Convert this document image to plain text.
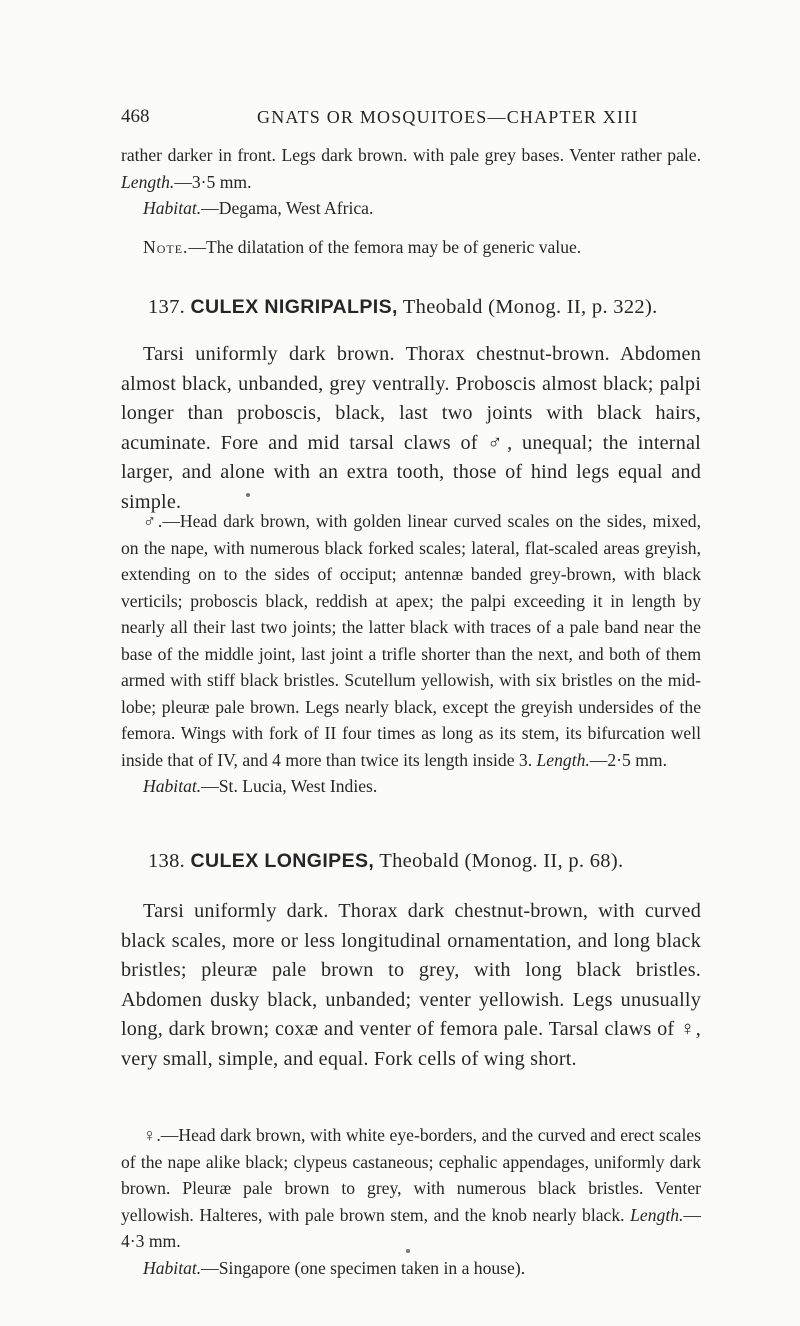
468	GNATS OR MOSQUITOES—CHAPTER XIII

rather darker in front. Legs dark brown. with pale grey bases. Venter rather pale. Length.—3·5 mm.

Habitat.—Degama, West Africa.

Note.—The dilatation of the femora may be of generic value.

137. CULEX NIGRIPALPIS, Theobald (Monog. II, p. 322).

Tarsi uniformly dark brown. Thorax chestnut-brown. Abdomen almost black, unbanded, grey ventrally. Proboscis almost black; palpi longer than proboscis, black, last two joints with black hairs, acuminate. Fore and mid tarsal claws of ♂, unequal; the internal larger, and alone with an extra tooth, those of hind legs equal and simple.

♂.—Head dark brown, with golden linear curved scales on the sides, mixed, on the nape, with numerous black forked scales; lateral, flat-scaled areas greyish, extending on to the sides of occiput; antennæ banded grey-brown, with black verticils; proboscis black, reddish at apex; the palpi exceeding it in length by nearly all their last two joints; the latter black with traces of a pale band near the base of the middle joint, last joint a trifle shorter than the next, and both of them armed with stiff black bristles. Scutellum yellowish, with six bristles on the mid-lobe; pleuræ pale brown. Legs nearly black, except the greyish undersides of the femora. Wings with fork of II four times as long as its stem, its bifurcation well inside that of IV, and 4 more than twice its length inside 3. Length.—2·5 mm.

Habitat.—St. Lucia, West Indies.

138. CULEX LONGIPES, Theobald (Monog. II, p. 68).

Tarsi uniformly dark. Thorax dark chestnut-brown, with curved black scales, more or less longitudinal ornamentation, and long black bristles; pleuræ pale brown to grey, with long black bristles. Abdomen dusky black, unbanded; venter yellowish. Legs unusually long, dark brown; coxæ and venter of femora pale. Tarsal claws of ♀, very small, simple, and equal. Fork cells of wing short.

♀.—Head dark brown, with white eye-borders, and the curved and erect scales of the nape alike black; clypeus castaneous; cephalic appendages, uniformly dark brown. Pleuræ pale brown to grey, with numerous black bristles. Venter yellowish. Halteres, with pale brown stem, and the knob nearly black. Length.—4·3 mm.

Habitat.—Singapore (one specimen taken in a house).
